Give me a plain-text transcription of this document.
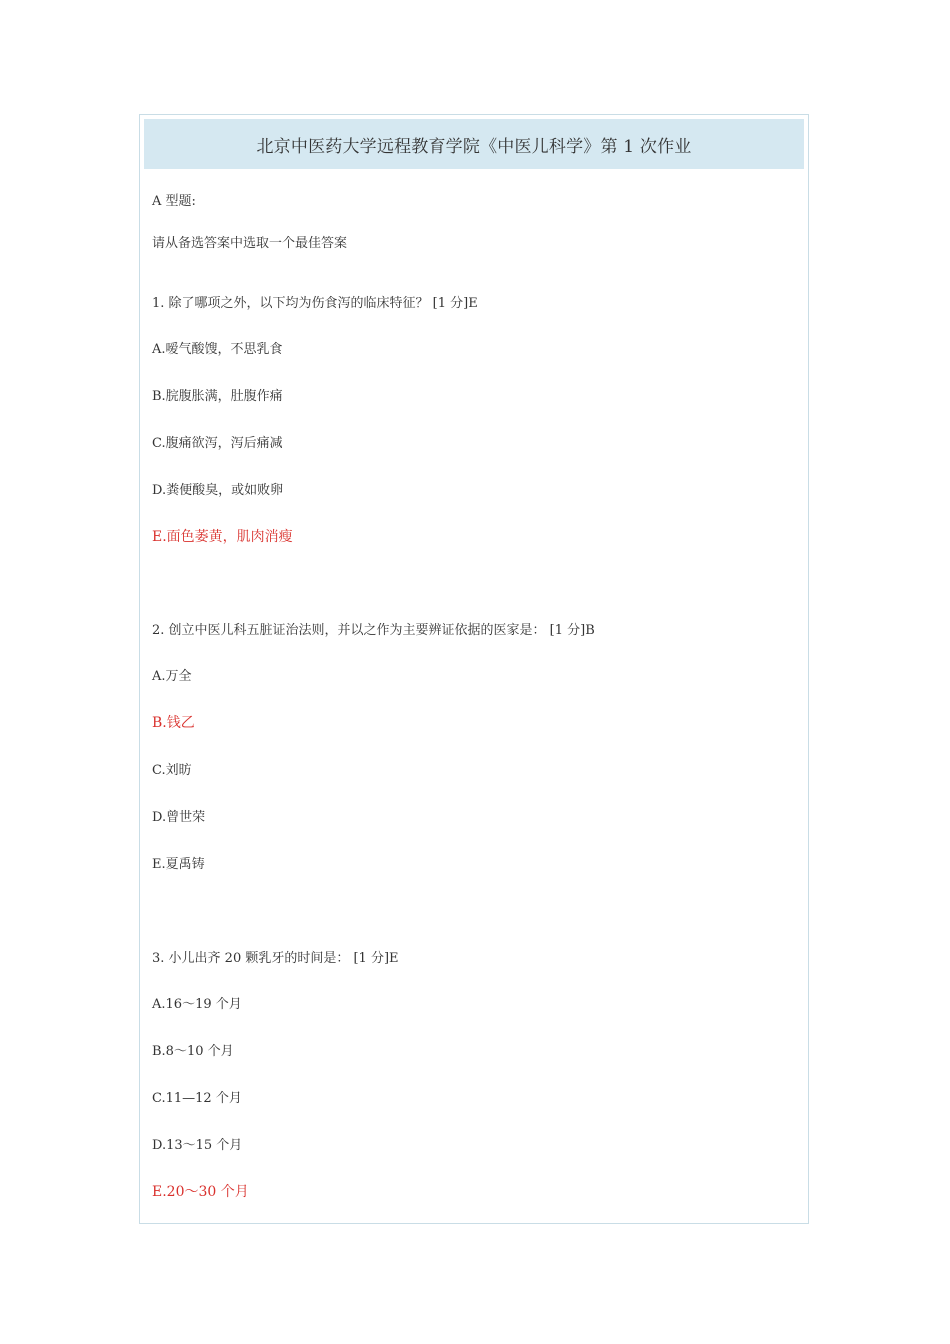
北京中医药大学远程教育学院《中医儿科学》第 1 次作业
A 型题:
请从备选答案中选取一个最佳答案
1. 除了哪项之外，以下均为伤食泻的临床特征？ [1 分]E
A.嗳气酸馊，不思乳食
B.脘腹胀满，肚腹作痛
C.腹痛欲泻，泻后痛减
D.粪便酸臭，或如败卵
E.面色萎黄，肌肉消瘦
2. 创立中医儿科五脏证治法则，并以之作为主要辨证依据的医家是： [1 分]B
A.万全
B.钱乙
C.刘昉
D.曾世荣
E.夏禹铸
3. 小儿出齐 20 颗乳牙的时间是： [1 分]E
A.16～19 个月
B.8～10 个月
C.11—12 个月
D.13～15 个月
E.20～30 个月
